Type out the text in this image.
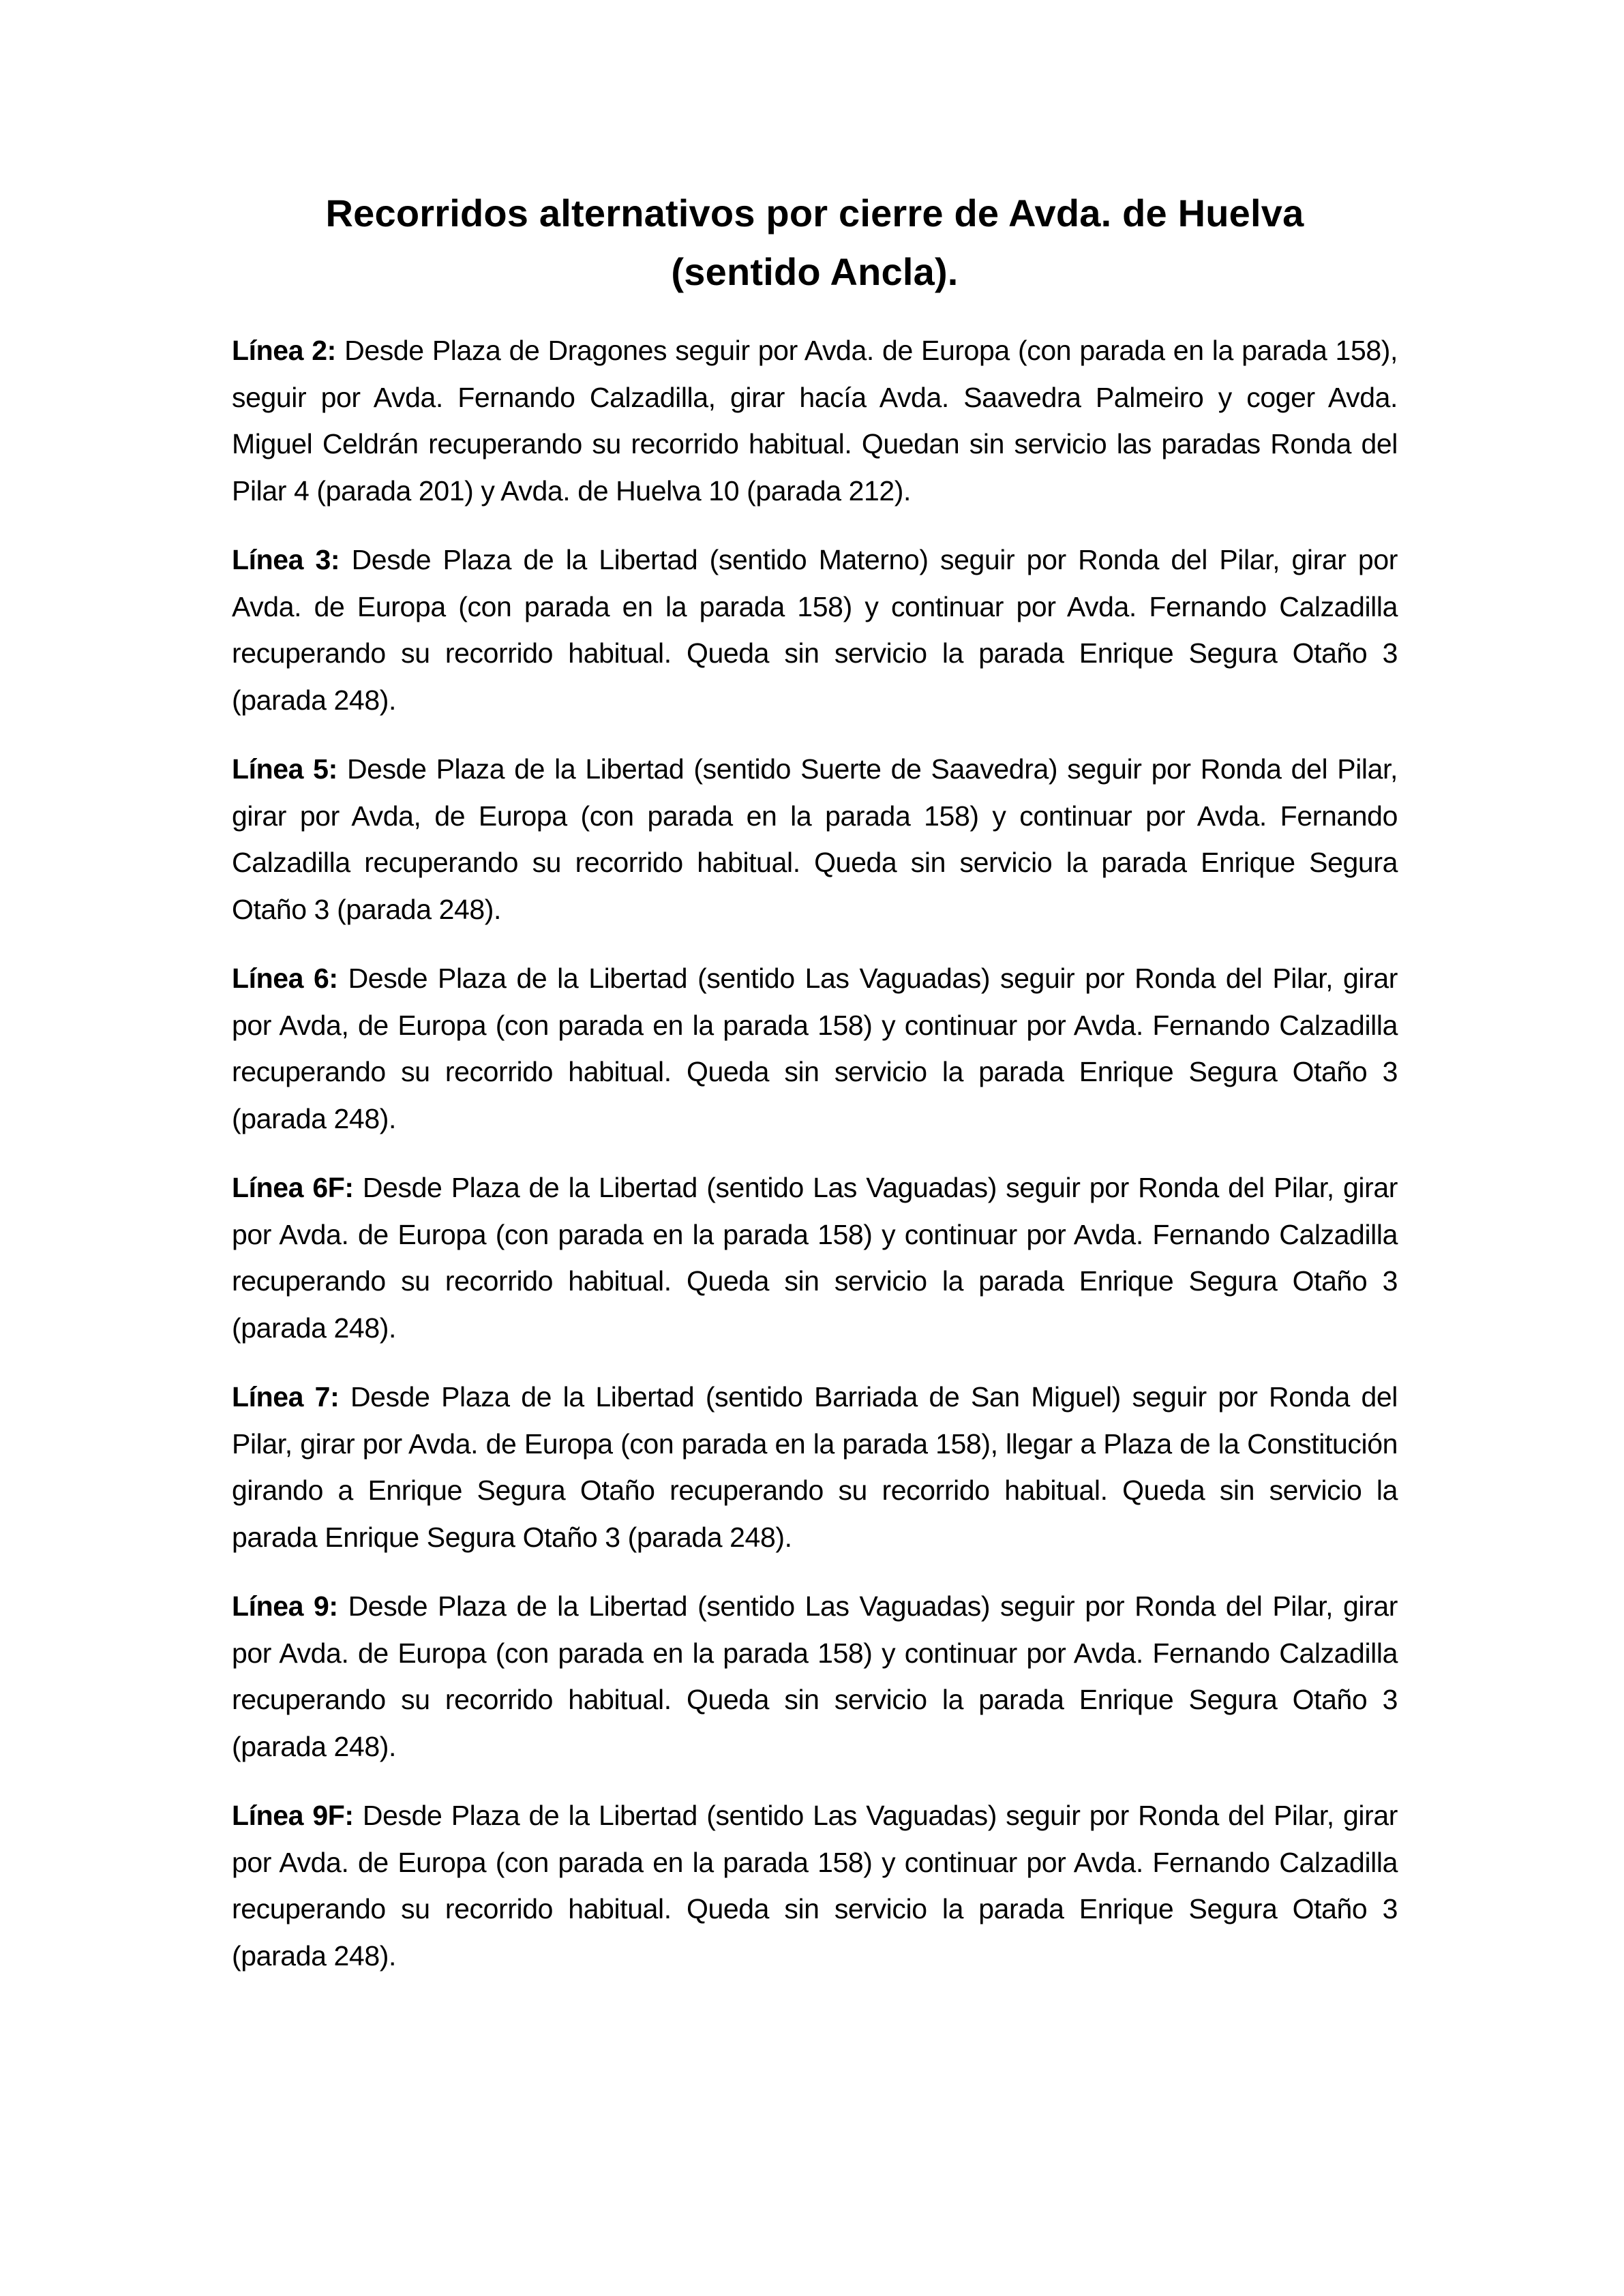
Recorridos alternativos por cierre de Avda. de Huelva
(sentido Ancla).

Línea 2: Desde Plaza de Dragones seguir por Avda. de Europa (con parada en la parada 158), seguir por Avda. Fernando Calzadilla, girar hacía Avda. Saavedra Palmeiro y coger Avda. Miguel Celdrán recuperando su recorrido habitual. Quedan sin servicio las paradas Ronda del Pilar 4 (parada 201) y Avda. de Huelva 10 (parada 212).

Línea 3: Desde Plaza de la Libertad (sentido Materno) seguir por Ronda del Pilar, girar por Avda. de Europa (con parada en la parada 158) y continuar por Avda. Fernando Calzadilla recuperando su recorrido habitual. Queda sin servicio la parada Enrique Segura Otaño 3 (parada 248).

Línea 5: Desde Plaza de la Libertad (sentido Suerte de Saavedra) seguir por Ronda del Pilar, girar por Avda, de Europa (con parada en la parada 158) y continuar por Avda. Fernando Calzadilla recuperando su recorrido habitual. Queda sin servicio la parada Enrique Segura Otaño 3 (parada 248).

Línea 6: Desde Plaza de la Libertad (sentido Las Vaguadas) seguir por Ronda del Pilar, girar por Avda, de Europa (con parada en la parada 158) y continuar por Avda. Fernando Calzadilla recuperando su recorrido habitual. Queda sin servicio la parada Enrique Segura Otaño 3 (parada 248).

Línea 6F: Desde Plaza de la Libertad (sentido Las Vaguadas) seguir por Ronda del Pilar, girar por Avda. de Europa (con parada en la parada 158) y continuar por Avda. Fernando Calzadilla recuperando su recorrido habitual. Queda sin servicio la parada Enrique Segura Otaño 3 (parada 248).

Línea 7: Desde Plaza de la Libertad (sentido Barriada de San Miguel) seguir por Ronda del Pilar, girar por Avda. de Europa (con parada en la parada 158), llegar a Plaza de la Constitución girando a Enrique Segura Otaño recuperando su recorrido habitual. Queda sin servicio la parada Enrique Segura Otaño 3 (parada 248).

Línea 9: Desde Plaza de la Libertad (sentido Las Vaguadas) seguir por Ronda del Pilar, girar por Avda. de Europa (con parada en la parada 158) y continuar por Avda. Fernando Calzadilla recuperando su recorrido habitual. Queda sin servicio la parada Enrique Segura Otaño 3 (parada 248).

Línea 9F: Desde Plaza de la Libertad (sentido Las Vaguadas) seguir por Ronda del Pilar, girar por Avda. de Europa (con parada en la parada 158) y continuar por Avda. Fernando Calzadilla recuperando su recorrido habitual. Queda sin servicio la parada Enrique Segura Otaño 3 (parada 248).
